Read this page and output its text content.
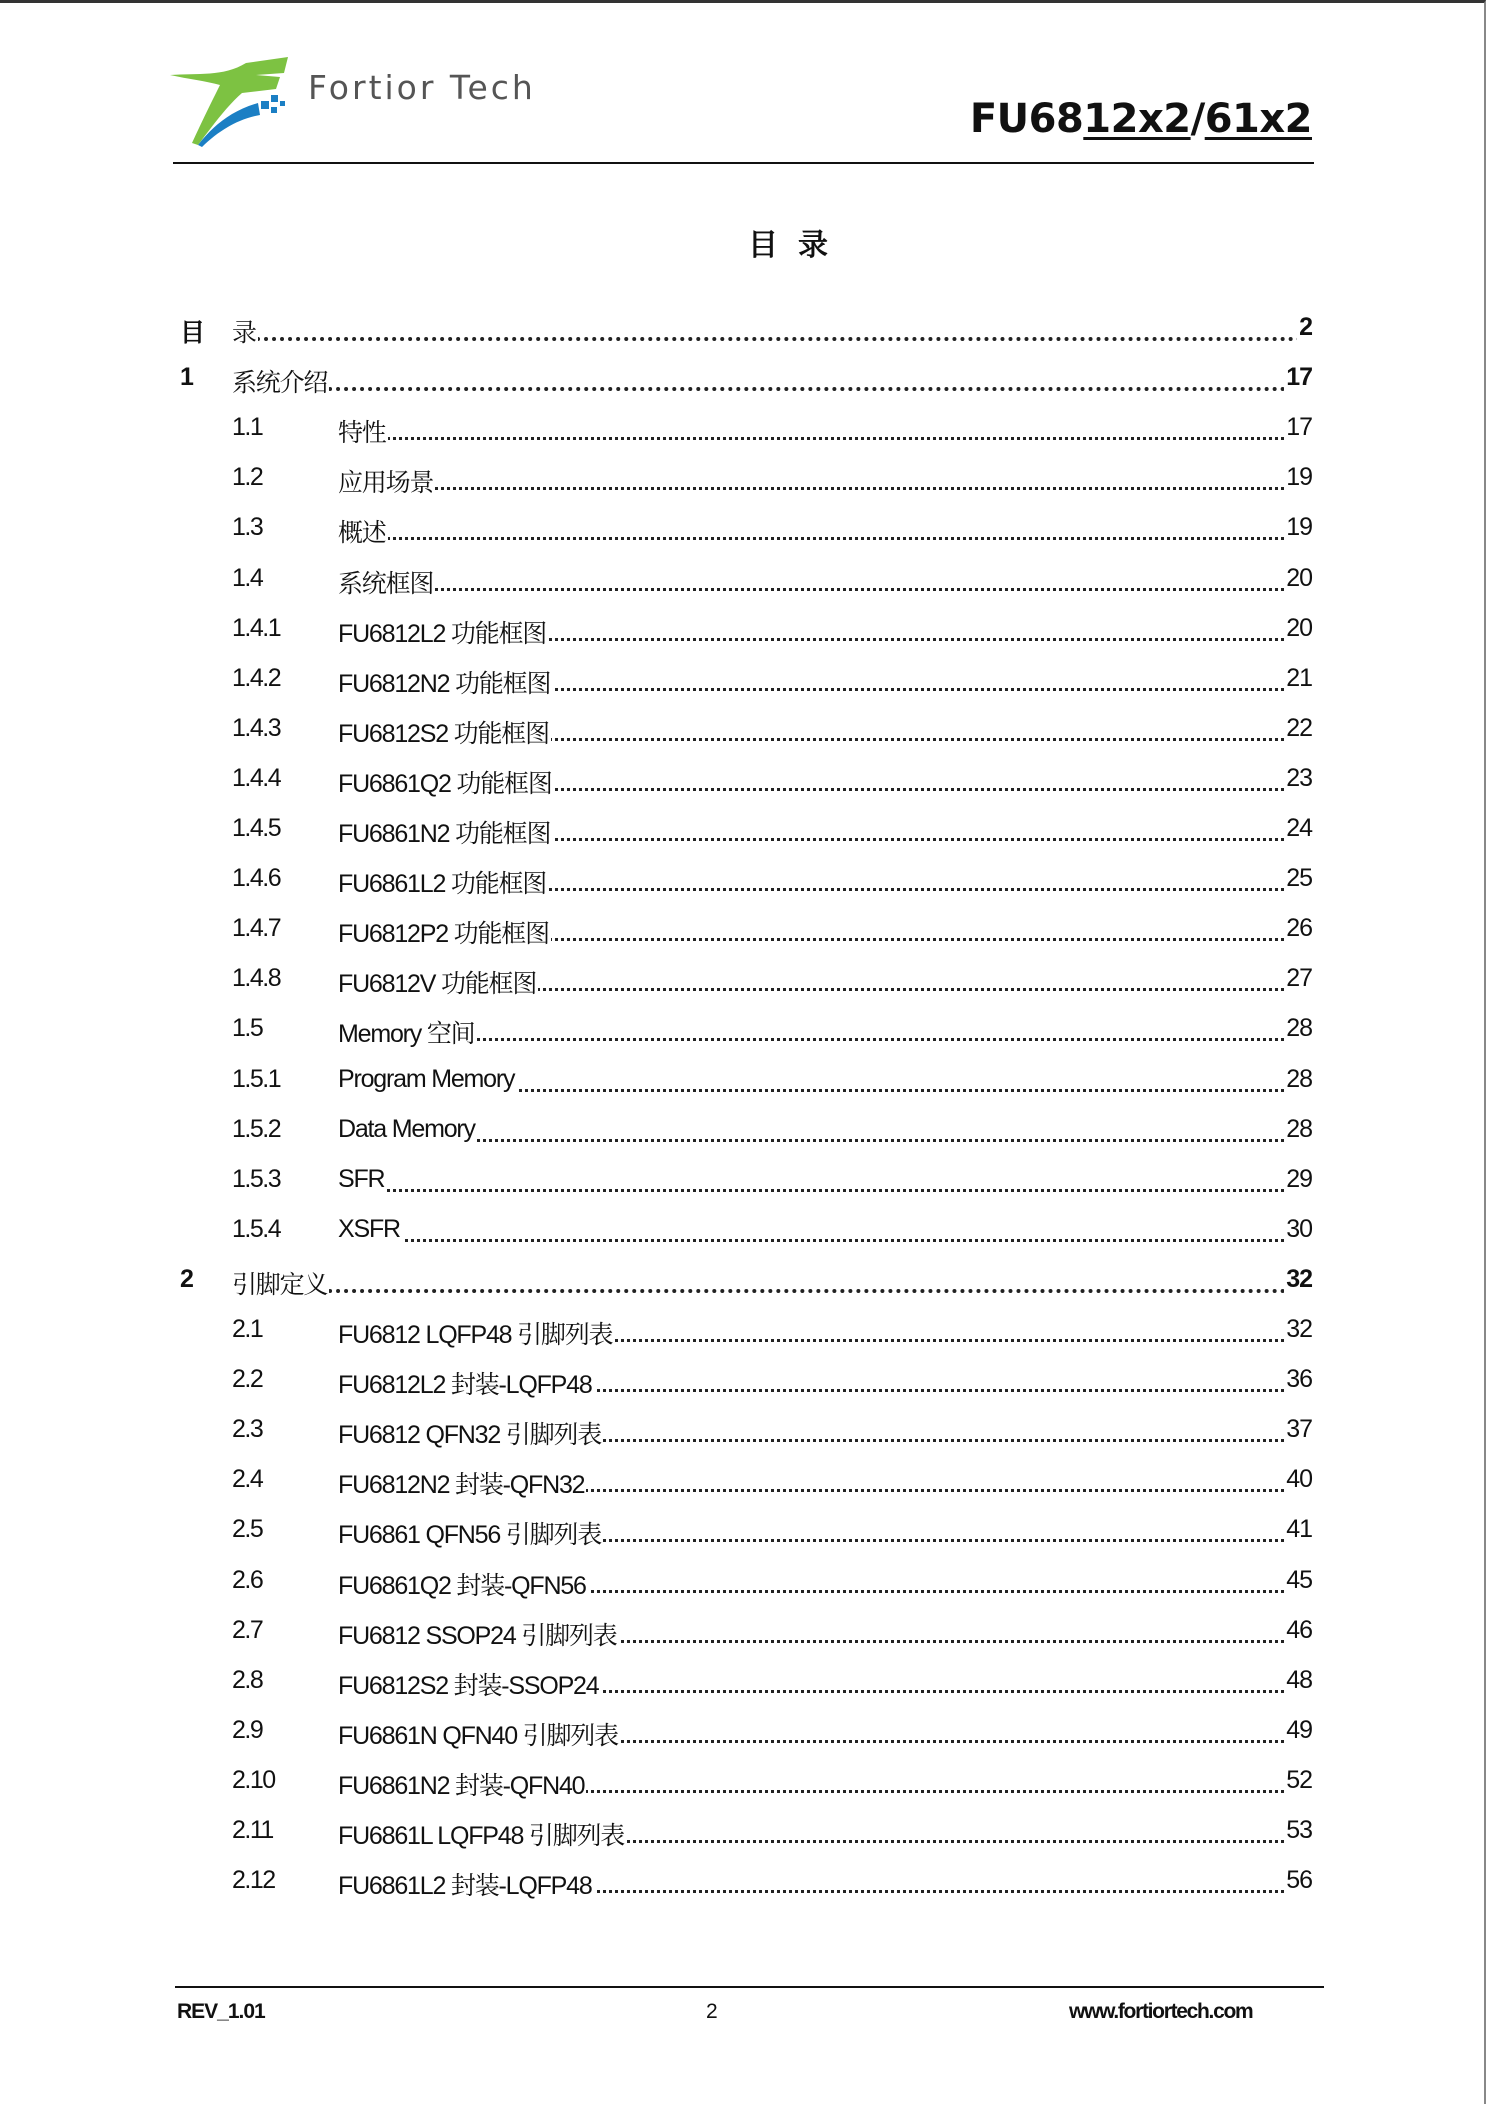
Fortior Tech
FU6812x2/61x2
目 录
目 录	2
1 系统介绍	17
1.1	特性	17
1.2	应用场景	19
1.3	概述	19
1.4	系统框图	20
1.4.1 FU6812L2 功能框图	20
1.4.2 FU6812N2 功能框图	21
1.4.3 FU6812S2 功能框图	22
1.4.4 FU6861Q2 功能框图	23
1.4.5 FU6861N2 功能框图	24
1.4.6 FU6861L2 功能框图	25
1.4.7 FU6812P2 功能框图	26
1.4.8 FU6812V 功能框图	27
1.5	Memory 空间	28
1.5.1 Program Memory	28
1.5.2 Data Memory	28
1.5.3 SFR	29
1.5.4 XSFR	30
2 引脚定义	32
2.1	FU6812 LQFP48 引脚列表	32
2.2	FU6812L2 封装-LQFP48	36
2.3	FU6812 QFN32 引脚列表	37
2.4	FU6812N2 封装-QFN32	40
2.5	FU6861 QFN56 引脚列表	41
2.6	FU6861Q2 封装-QFN56	45
2.7	FU6812 SSOP24 引脚列表	46
2.8	FU6812S2 封装-SSOP24	48
2.9	FU6861N QFN40 引脚列表	49
2.10	FU6861N2 封装-QFN40	52
2.11	FU6861L LQFP48 引脚列表	53
2.12	FU6861L2 封装-LQFP48	56
REV_1.01	2	www.fortiortech.com
